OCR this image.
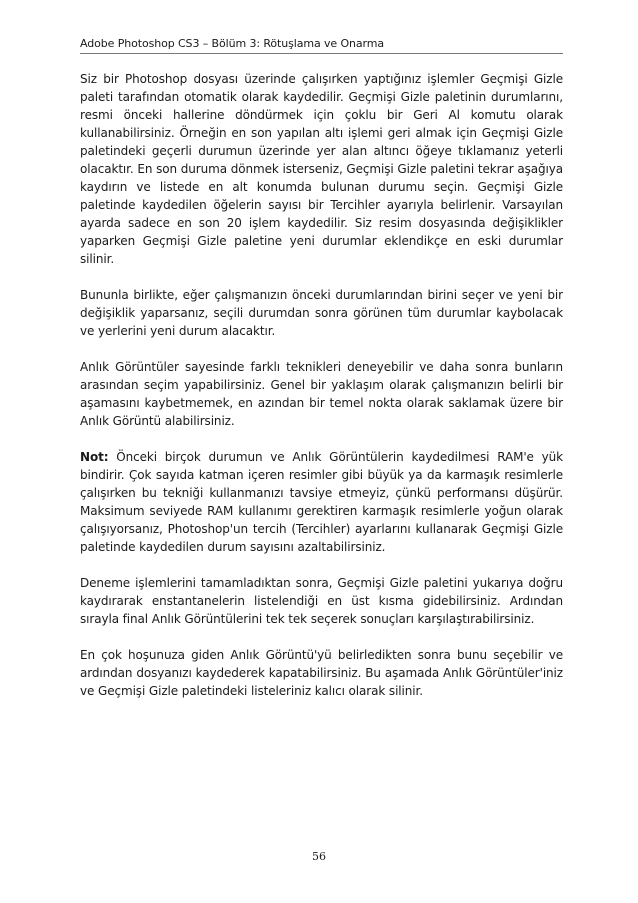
Adobe Photoshop CS3 – Bölüm 3: Rötuşlama ve Onarma

Siz bir Photoshop dosyası üzerinde çalışırken yaptığınız işlemler Geçmişi Gizle paleti tarafından otomatik olarak kaydedilir. Geçmişi Gizle paletinin durumlarını, resmi önceki hallerine döndürmek için çoklu bir Geri Al komutu olarak kullanabilirsiniz. Örneğin en son yapılan altı işlemi geri almak için Geçmişi Gizle paletindeki geçerli durumun üzerinde yer alan altıncı öğeye tıklamanız yeterli olacaktır. En son duruma dönmek isterseniz, Geçmişi Gizle paletini tekrar aşağıya kaydırın ve listede en alt konumda bulunan durumu seçin. Geçmişi Gizle paletinde kaydedilen öğelerin sayısı bir Tercihler ayarıyla belirlenir. Varsayılan ayarda sadece en son 20 işlem kaydedilir. Siz resim dosyasında değişiklikler yaparken Geçmişi Gizle paletine yeni durumlar eklendikçe en eski durumlar silinir.

Bununla birlikte, eğer çalışmanızın önceki durumlarından birini seçer ve yeni bir değişiklik yaparsanız, seçili durumdan sonra görünen tüm durumlar kaybolacak ve yerlerini yeni durum alacaktır.

Anlık Görüntüler sayesinde farklı teknikleri deneyebilir ve daha sonra bunların arasından seçim yapabilirsiniz. Genel bir yaklaşım olarak çalışmanızın belirli bir aşamasını kaybetmemek, en azından bir temel nokta olarak saklamak üzere bir Anlık Görüntü alabilirsiniz.

Not: Önceki birçok durumun ve Anlık Görüntülerin kaydedilmesi RAM'e yük bindirir. Çok sayıda katman içeren resimler gibi büyük ya da karmaşık resimlerle çalışırken bu tekniği kullanmanızı tavsiye etmeyiz, çünkü performansı düşürür. Maksimum seviyede RAM kullanımı gerektiren karmaşık resimlerle yoğun olarak çalışıyorsanız, Photoshop'un tercih (Tercihler) ayarlarını kullanarak Geçmişi Gizle paletinde kaydedilen durum sayısını azaltabilirsiniz.

Deneme işlemlerini tamamladıktan sonra, Geçmişi Gizle paletini yukarıya doğru kaydırarak enstantanelerin listelendiği en üst kısma gidebilirsiniz. Ardından sırayla final Anlık Görüntülerini tek tek seçerek sonuçları karşılaştırabilirsiniz.

En çok hoşunuza giden Anlık Görüntü'yü belirledikten sonra bunu seçebilir ve ardından dosyanızı kaydederek kapatabilirsiniz. Bu aşamada Anlık Görüntüler'iniz ve Geçmişi Gizle paletindeki listeleriniz kalıcı olarak silinir.

56
